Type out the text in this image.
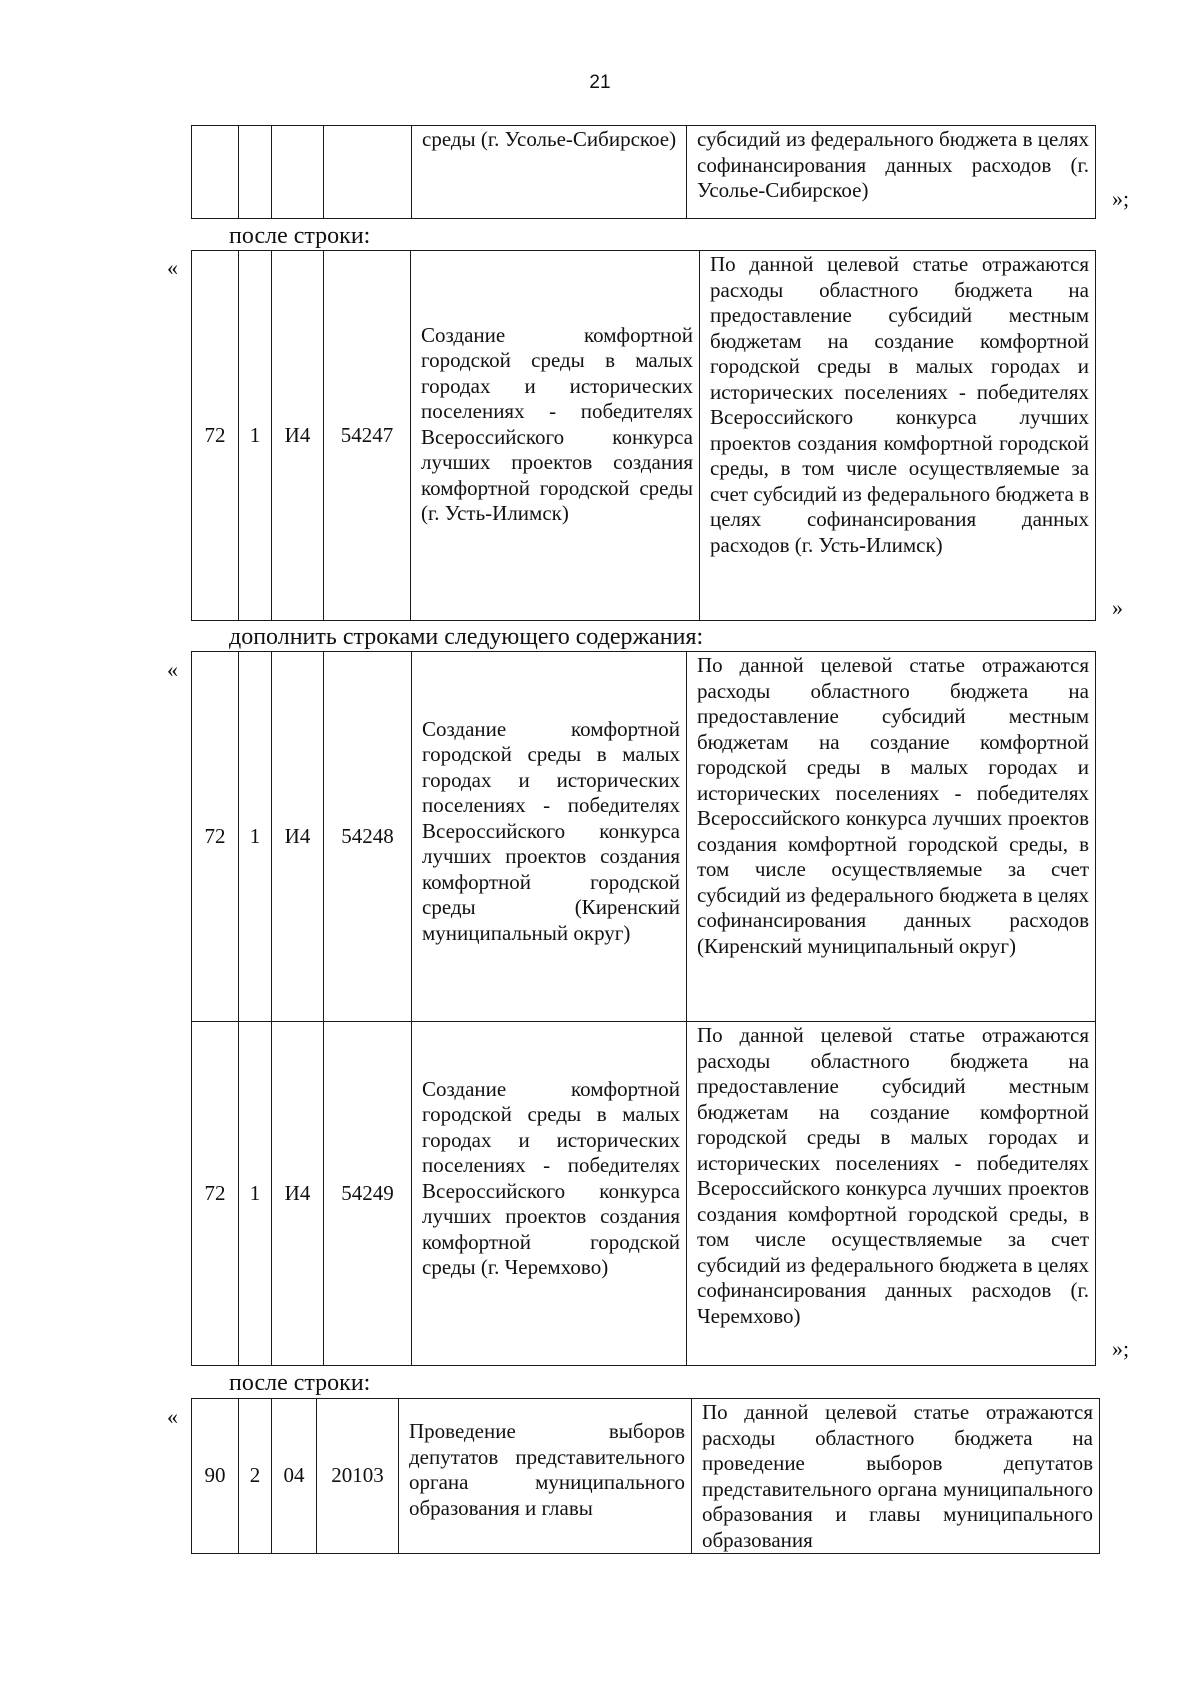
21
				среды (г. Усолье-Сибирское)	субсидий из федерального бюджета в целях софинансирования данных расходов (г. Усолье-Сибирское)	»;
после строки:
«
72	1	И4	54247	Создание комфортной городской среды в малых городах и исторических поселениях - победителях Всероссийского конкурса лучших проектов создания комфортной городской среды (г. Усть-Илимск)	По данной целевой статье отражаются расходы областного бюджета на предоставление субсидий местным бюджетам на создание комфортной городской среды в малых городах и исторических поселениях - победителях Всероссийского конкурса лучших проектов создания комфортной городской среды, в том числе осуществляемые за счет субсидий из федерального бюджета в целях софинансирования данных расходов (г. Усть-Илимск)
»
дополнить строками следующего содержания:
«
72	1	И4	54248	Создание комфортной городской среды в малых городах и исторических поселениях - победителях Всероссийского конкурса лучших проектов создания комфортной городской среды (Киренский муниципальный округ)	По данной целевой статье отражаются расходы областного бюджета на предоставление субсидий местным бюджетам на создание комфортной городской среды в малых городах и исторических поселениях - победителях Всероссийского конкурса лучших проектов создания комфортной городской среды, в том числе осуществляемые за счет субсидий из федерального бюджета в целях софинансирования данных расходов (Киренский муниципальный округ)
72	1	И4	54249	Создание комфортной городской среды в малых городах и исторических поселениях - победителях Всероссийского конкурса лучших проектов создания комфортной городской среды (г. Черемхово)	По данной целевой статье отражаются расходы областного бюджета на предоставление субсидий местным бюджетам на создание комфортной городской среды в малых городах и исторических поселениях - победителях Всероссийского конкурса лучших проектов создания комфортной городской среды, в том числе осуществляемые за счет субсидий из федерального бюджета в целях софинансирования данных расходов (г. Черемхово)
»;
после строки:
«
90	2	04	20103	Проведение выборов депутатов представительного органа муниципального образования и главы	По данной целевой статье отражаются расходы областного бюджета на проведение выборов депутатов представительного органа муниципального образования и главы муниципального образования
